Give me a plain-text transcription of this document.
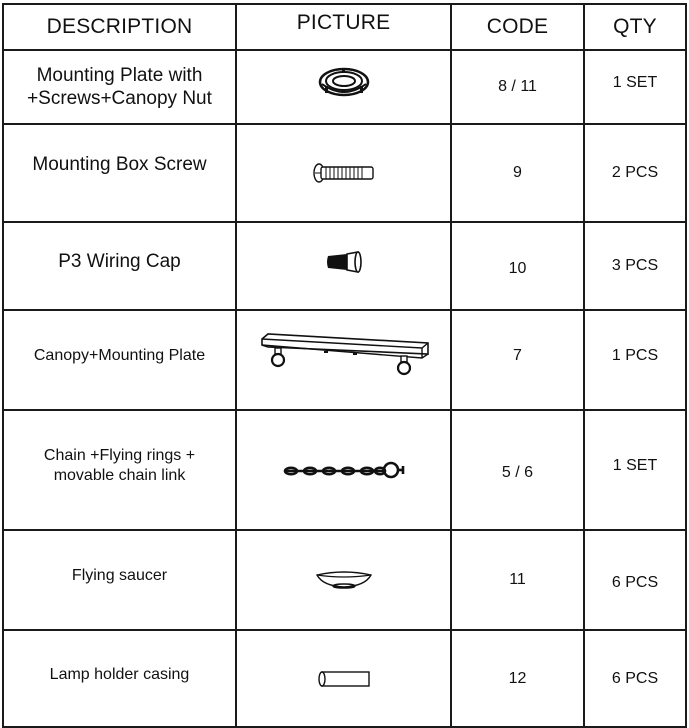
DESCRIPTION	PICTURE	CODE	QTY
Mounting Plate with
+Screws+Canopy Nut		8 / 11	1 SET
Mounting Box Screw		9	2 PCS
P3 Wiring Cap		10	3 PCS
Canopy+Mounting Plate		7	1 PCS
Chain +Flying rings +
movable chain link		5 / 6	1 SET
Flying saucer		11	6 PCS
Lamp holder casing		12	6 PCS
